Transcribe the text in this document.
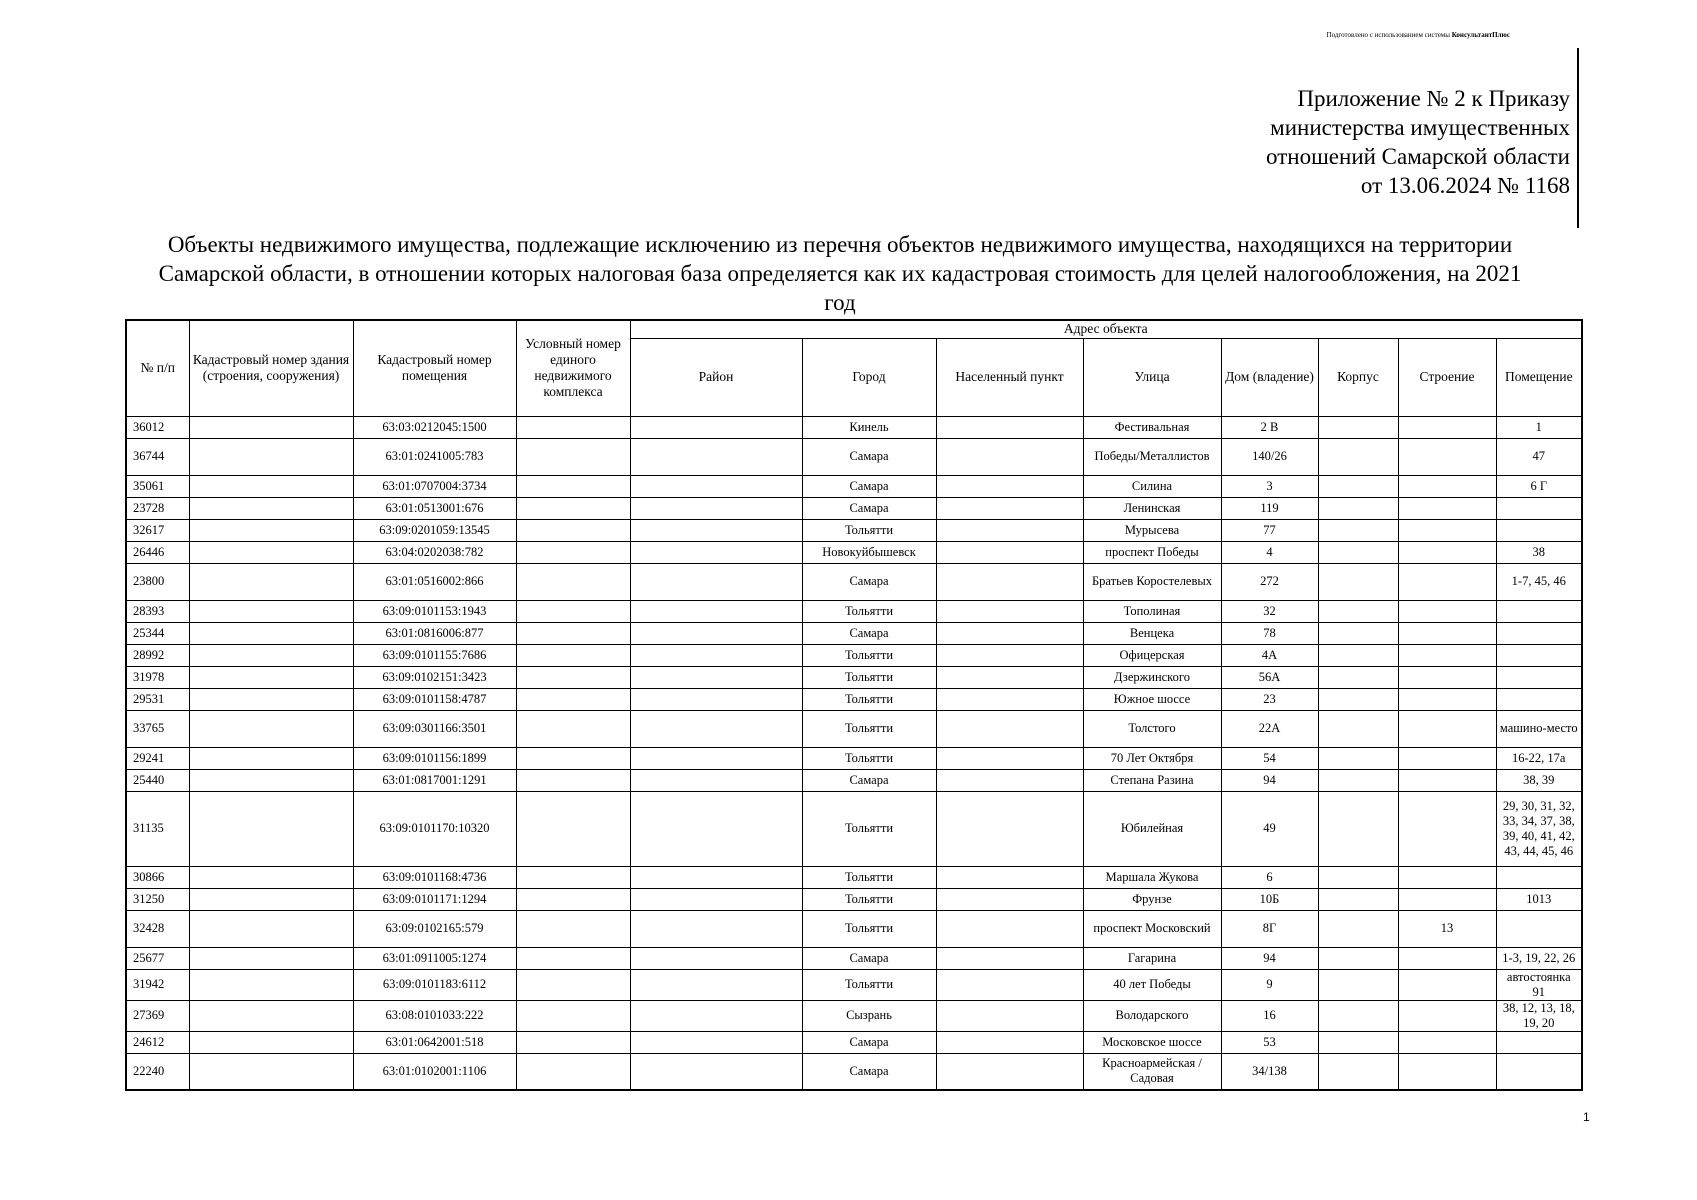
Подготовлено с использованием системы КонсультантПлюс
Приложение № 2 к Приказу
министерства имущественных
отношений Самарской области
от 13.06.2024 № 1168
Объекты недвижимого имущества, подлежащие исключению из перечня объектов недвижимого имущества, находящихся на территории Самарской области, в отношении которых налоговая база определяется как их кадастровая стоимость для целей налогообложения, на 2021 год
№ п/п	Кадастровый номер здания (строения, сооружения)	Кадастровый номер помещения	Условный номер единого недвижимого комплекса	Адрес объекта							
				Район	Город	Населенный пункт	Улица	Дом (владение)	Корпус	Строение	Помещение
36012		63:03:0212045:1500			Кинель		Фестивальная	2 В			1
36744		63:01:0241005:783			Самара		Победы/Металлистов	140/26			47
35061		63:01:0707004:3734			Самара		Силина	3			6 Г
23728		63:01:0513001:676			Самара		Ленинская	119			
32617		63:09:0201059:13545			Тольятти		Мурысева	77			
26446		63:04:0202038:782			Новокуйбышевск		проспект Победы	4			38
23800		63:01:0516002:866			Самара		Братьев Коростелевых	272			1-7, 45, 46
28393		63:09:0101153:1943			Тольятти		Тополиная	32			
25344		63:01:0816006:877			Самара		Венцека	78			
28992		63:09:0101155:7686			Тольятти		Офицерская	4А			
31978		63:09:0102151:3423			Тольятти		Дзержинского	56А			
29531		63:09:0101158:4787			Тольятти		Южное шоссе	23			
33765		63:09:0301166:3501			Тольятти		Толстого	22А			машино-место
29241		63:09:0101156:1899			Тольятти		70 Лет Октября	54			16-22, 17а
25440		63:01:0817001:1291			Самара		Степана Разина	94			38, 39
31135		63:09:0101170:10320			Тольятти		Юбилейная	49			29, 30, 31, 32, 33, 34, 37, 38, 39, 40, 41, 42, 43, 44, 45, 46
30866		63:09:0101168:4736			Тольятти		Маршала Жукова	6			
31250		63:09:0101171:1294			Тольятти		Фрунзе	10Б			1013
32428		63:09:0102165:579			Тольятти		проспект Московский	8Г		13	
25677		63:01:0911005:1274			Самара		Гагарина	94			1-3, 19, 22, 26
31942		63:09:0101183:6112			Тольятти		40 лет Победы	9			автостоянка 91
27369		63:08:0101033:222			Сызрань		Володарского	16			38, 12, 13, 18, 19, 20
24612		63:01:0642001:518			Самара		Московское шоссе	53			
22240		63:01:0102001:1106			Самара		Красноармейская / Садовая	34/138			
1
